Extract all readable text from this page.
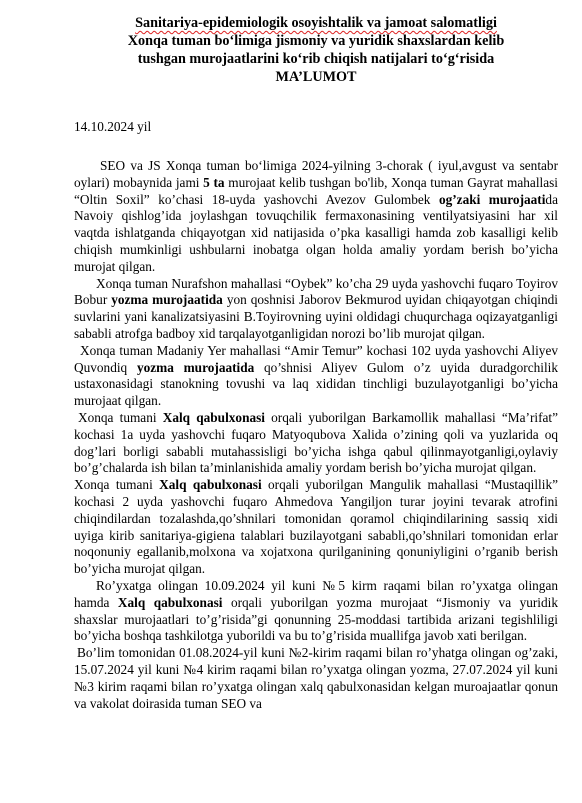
Sanitariya-epidemiologik osoyishtalik va jamoat salomatligi
Xonqa tuman bo‘limiga jismoniy va yuridik shaxslardan kelib
tushgan murojaatlarini ko‘rib chiqish natijalari to‘g‘risida
MA’LUMOT
14.10.2024 yil

SEO va JS Xonqa tuman bo‘limiga 2024-yilning 3-chorak ( iyul,avgust va sentabr oylari) mobaynida jami 5 ta murojaat kelib tushgan bo'lib, Xonqa tuman Gayrat mahallasi “Oltin Soxil” ko’chasi 18-uyda yashovchi Avezov Gulombek og’zaki murojaatida Navoiy qishlog’ida joylashgan tovuqchilik fermaxonasining ventilyatsiyasini har xil vaqtda ishlatganda chiqayotgan xid natijasida o’pka kasalligi hamda zob kasalligi kelib chiqish mumkinligi ushbularni inobatga olgan holda amaliy yordam berish bo’yicha murojat qilgan.

Xonqa tuman Nurafshon mahallasi “Oybek” ko’cha 29 uyda yashovchi fuqaro Toyirov Bobur yozma murojaatida yon qoshnisi Jaborov Bekmurod uyidan chiqayotgan chiqindi suvlarini yani kanalizatsiyasini B.Toyirovning uyini oldidagi chuqurchaga oqizayatganligi sababli atrofga badboy xid tarqalayotganligidan norozi bo’lib murojat qilgan.

Xonqa tuman Madaniy Yer mahallasi “Amir Temur” kochasi 102 uyda yashovchi Aliyev Quvondiq yozma murojaatida qo’shnisi Aliyev Gulom o’z uyida duradgorchilik ustaxonasidagi stanokning tovushi va laq xididan tinchligi buzulayotganligi bo’yicha murojaat qilgan.

Xonqa tumani Xalq qabulxonasi orqali yuborilgan Barkamollik mahallasi “Ma’rifat” kochasi 1a uyda yashovchi fuqaro Matyoqubova Xalida o’zining qoli va yuzlarida oq dog’lari borligi sababli mutahassisligi bo’yicha ishga qabul qilinmayotganligi,oylaviy bo’g’chalarda ish bilan ta’minlanishida amaliy yordam berish bo’yicha murojat qilgan.

Xonqa tumani Xalq qabulxonasi orqali yuborilgan Mangulik mahallasi “Mustaqillik” kochasi 2 uyda yashovchi fuqaro Ahmedova Yangiljon turar joyini tevarak atrofini chiqindilardan tozalashda,qo’shnilari tomonidan qoramol chiqindilarining sassiq xidi uyiga kirib sanitariya-gigiena talablari buzilayotgani sababli,qo’shnilari tomonidan erlar noqonuniy egallanib,molxona va xojatxona qurilganining qonuniyligini o’rganib berish bo’yicha murojat qilgan.

Ro’yxatga olingan 10.09.2024 yil kuni №5 kirm raqami bilan ro’yxatga olingan hamda Xalq qabulxonasi orqali yuborilgan yozma murojaat “Jismoniy va yuridik shaxslar murojaatlari to’g’risida”gi qonunning 25-moddasi tartibida arizani tegishliligi bo’yicha boshqa tashkilotga yuborildi va bu to’g’risida muallifga javob xati berilgan.

Bo’lim tomonidan 01.08.2024-yil kuni №2-kirim raqami bilan ro’yhatga olingan og’zaki, 15.07.2024 yil kuni №4 kirim raqami bilan ro’yxatga olingan yozma, 27.07.2024 yil kuni №3 kirim raqami bilan ro’yxatga olingan xalq qabulxonasidan kelgan muroajaatlar qonun va vakolat doirasida tuman SEO va
